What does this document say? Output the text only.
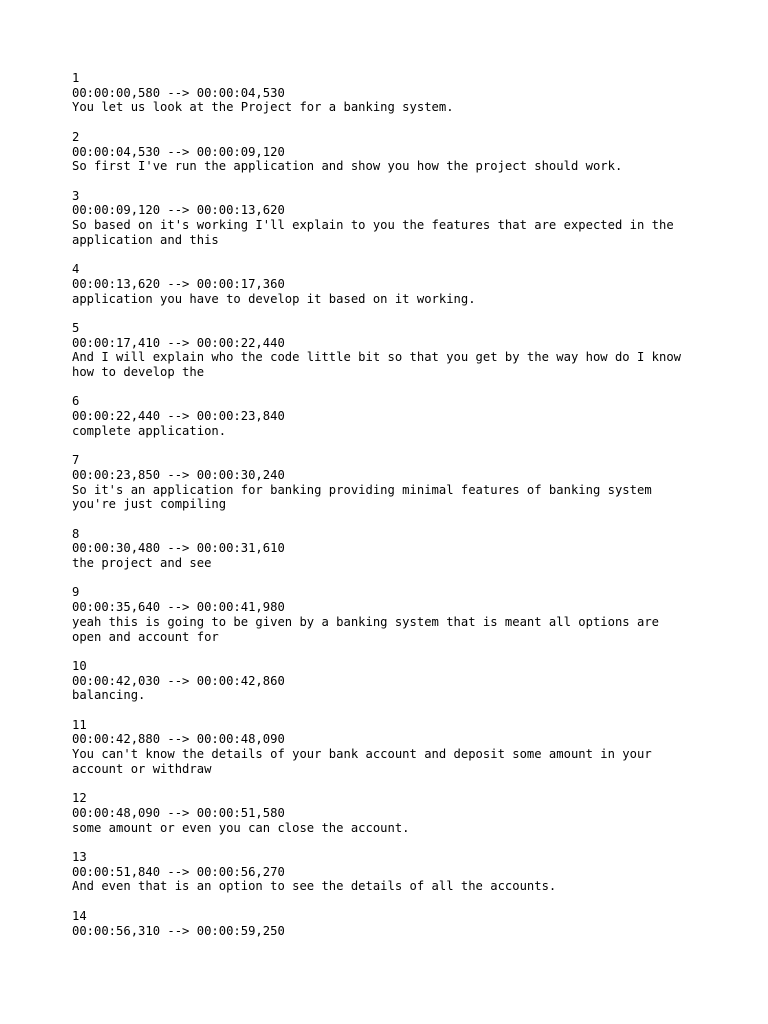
1
00:00:00,580 --> 00:00:04,530
You let us look at the Project for a banking system.
2
00:00:04,530 --> 00:00:09,120
So first I've run the application and show you how the project should work.
3
00:00:09,120 --> 00:00:13,620
So based on it's working I'll explain to you the features that are expected in the
application and this
4
00:00:13,620 --> 00:00:17,360
application you have to develop it based on it working.
5
00:00:17,410 --> 00:00:22,440
And I will explain who the code little bit so that you get by the way how do I know
how to develop the
6
00:00:22,440 --> 00:00:23,840
complete application.
7
00:00:23,850 --> 00:00:30,240
So it's an application for banking providing minimal features of banking system
you're just compiling
8
00:00:30,480 --> 00:00:31,610
the project and see
9
00:00:35,640 --> 00:00:41,980
yeah this is going to be given by a banking system that is meant all options are
open and account for
10
00:00:42,030 --> 00:00:42,860
balancing.
11
00:00:42,880 --> 00:00:48,090
You can't know the details of your bank account and deposit some amount in your
account or withdraw
12
00:00:48,090 --> 00:00:51,580
some amount or even you can close the account.
13
00:00:51,840 --> 00:00:56,270
And even that is an option to see the details of all the accounts.
14
00:00:56,310 --> 00:00:59,250
